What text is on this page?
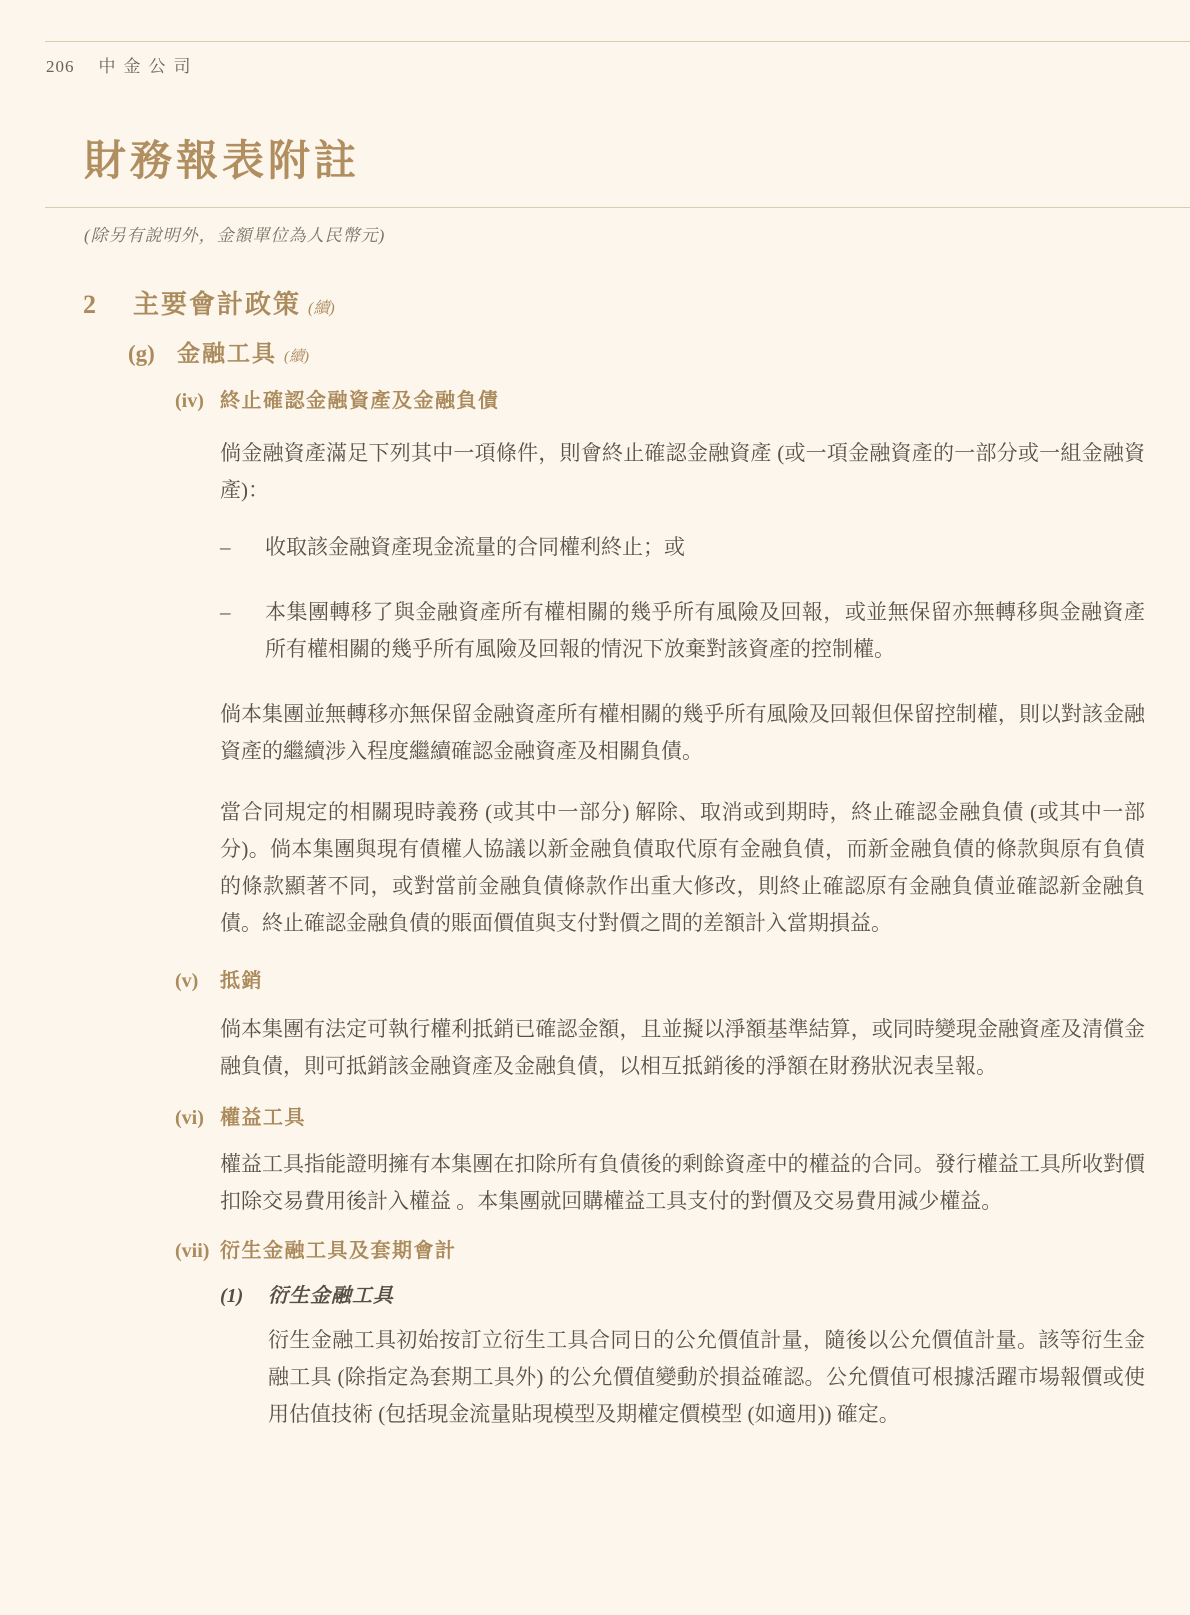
206 中金公司
財務報表附註
(除另有說明外，金額單位為人民幣元)
2	主要會計政策 (續)
(g) 金融工具 (續)
(iv) 終止確認金融資產及金融負債
倘金融資產滿足下列其中一項條件，則會終止確認金融資產 (或一項金融資產的一部分或一組金融資產)：
–	收取該金融資產現金流量的合同權利終止；或
–	本集團轉移了與金融資產所有權相關的幾乎所有風險及回報，或並無保留亦無轉移與金融資產所有權相關的幾乎所有風險及回報的情況下放棄對該資產的控制權。
倘本集團並無轉移亦無保留金融資產所有權相關的幾乎所有風險及回報但保留控制權，則以對該金融資產的繼續涉入程度繼續確認金融資產及相關負債。
當合同規定的相關現時義務 (或其中一部分) 解除、取消或到期時，終止確認金融負債 (或其中一部分)。倘本集團與現有債權人協議以新金融負債取代原有金融負債，而新金融負債的條款與原有負債的條款顯著不同，或對當前金融負債條款作出重大修改，則終止確認原有金融負債並確認新金融負債。終止確認金融負債的賬面價值與支付對價之間的差額計入當期損益。
(v)	抵銷
倘本集團有法定可執行權利抵銷已確認金額，且並擬以淨額基準結算，或同時變現金融資產及清償金融負債，則可抵銷該金融資產及金融負債，以相互抵銷後的淨額在財務狀況表呈報。
(vi) 權益工具
權益工具指能證明擁有本集團在扣除所有負債後的剩餘資產中的權益的合同。發行權益工具所收對價扣除交易費用後計入權益 。本集團就回購權益工具支付的對價及交易費用減少權益。
(vii) 衍生金融工具及套期會計
(1)	衍生金融工具
衍生金融工具初始按訂立衍生工具合同日的公允價值計量，隨後以公允價值計量。該等衍生金融工具 (除指定為套期工具外) 的公允價值變動於損益確認。公允價值可根據活躍市場報價或使用估值技術 (包括現金流量貼現模型及期權定價模型 (如適用)) 確定。
